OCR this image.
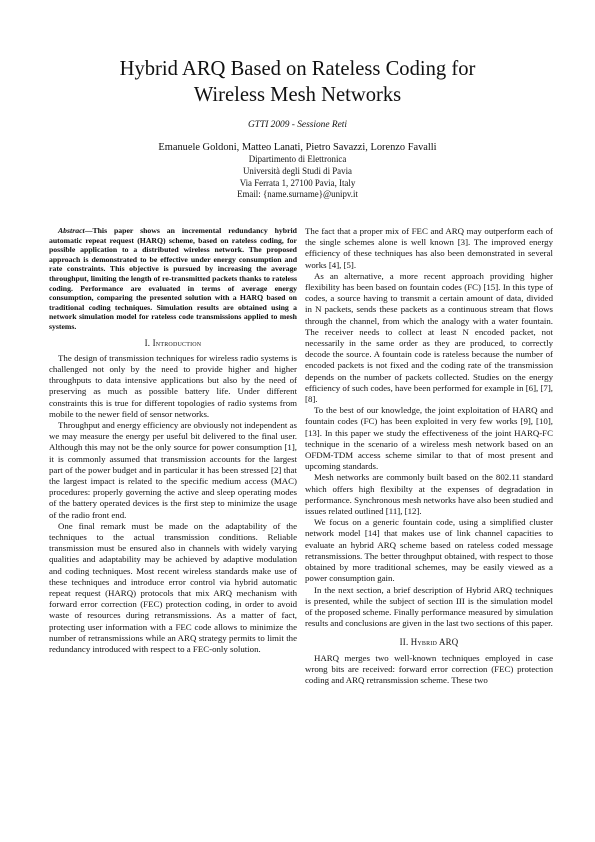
Hybrid ARQ Based on Rateless Coding for
Wireless Mesh Networks
GTTI 2009 - Sessione Reti
Emanuele Goldoni, Matteo Lanati, Pietro Savazzi, Lorenzo Favalli
Dipartimento di Elettronica
Università degli Studi di Pavia
Via Ferrata 1, 27100 Pavia, Italy
Email: {name.surname}@unipv.it

Abstract—This paper shows an incremental redundancy hybrid automatic repeat request (HARQ) scheme, based on rateless coding, for possible application to a distributed wireless network. The proposed approach is demonstrated to be effective under energy consumption and rate constraints. This objective is pursued by increasing the average throughput, limiting the length of re-transmitted packets thanks to rateless coding. Performance are evaluated in terms of average energy consumption, comparing the presented solution with a HARQ based on traditional coding techniques. Simulation results are obtained using a network simulation model for rateless code transmissions applied to mesh systems.

I. Introduction

The design of transmission techniques for wireless radio systems is challenged not only by the need to provide higher and higher throughputs to data intensive applications but also by the need of preserving as much as possible battery life. Under different constraints this is true for different topologies of radio systems from mobile to the newer field of sensor networks.

Throughput and energy efficiency are obviously not independent as we may measure the energy per useful bit delivered to the final user. Although this may not be the only source for power consumption [1], it is commonly assumed that transmission accounts for the largest part of the power budget and in particular it has been stressed [2] that the largest impact is related to the specific medium access (MAC) procedures: properly governing the active and sleep operating modes of the battery operated devices is the first step to minimize the usage of the radio front end.

One final remark must be made on the adaptability of the techniques to the actual transmission conditions. Reliable transmission must be ensured also in channels with widely varying qualities and adaptability may be achieved by adaptive modulation and coding techniques. Most recent wireless standards make use of these techniques and introduce error control via hybrid automatic repeat request (HARQ) protocols that mix ARQ mechanism with forward error correction (FEC) protection coding, in order to avoid waste of resources during retransmissions. As a matter of fact, protecting user information with a FEC code allows to minimize the number of retransmissions while an ARQ strategy permits to limit the redundancy introduced with respect to a FEC-only solution.

The fact that a proper mix of FEC and ARQ may outperform each of the single schemes alone is well known [3]. The improved energy efficiency of these techniques has also been demonstrated in several works [4], [5].

As an alternative, a more recent approach providing higher flexibility has been based on fountain codes (FC) [15]. In this type of codes, a source having to transmit a certain amount of data, divided in N packets, sends these packets as a continuous stream that flows through the channel, from which the analogy with a water fountain. The receiver needs to collect at least N encoded packet, not necessarily in the same order as they are produced, to correctly decode the source. A fountain code is rateless because the number of encoded packets is not fixed and the coding rate of the transmission depends on the number of packets collected. Studies on the energy efficiency of such codes, have been performed for example in [6], [7], [8].

To the best of our knowledge, the joint exploitation of HARQ and fountain codes (FC) has been exploited in very few works [9], [10], [13]. In this paper we study the effectiveness of the joint HARQ-FC technique in the scenario of a wireless mesh network based on an OFDM-TDM access scheme similar to that of most present and upcoming standards.

Mesh networks are commonly built based on the 802.11 standard which offers high flexibilty at the expenses of degradation in performance. Synchronous mesh networks have also been studied and issues related outlined [11], [12].

We focus on a generic fountain code, using a simplified cluster network model [14] that makes use of link channel capacities to evaluate an hybrid ARQ scheme based on rateless coded message retransmissions. The better throughput obtained, with respect to those obtained by more traditional schemes, may be easily viewed as a power consumption gain.

In the next section, a brief description of Hybrid ARQ techniques is presented, while the subject of section III is the simulation model of the proposed scheme. Finally performance measured by simulation results and conclusions are given in the last two sections of this paper.

II. Hybrid ARQ

HARQ merges two well-known techniques employed in case wrong bits are received: forward error correction (FEC) protection coding and ARQ retransmission scheme. These two
